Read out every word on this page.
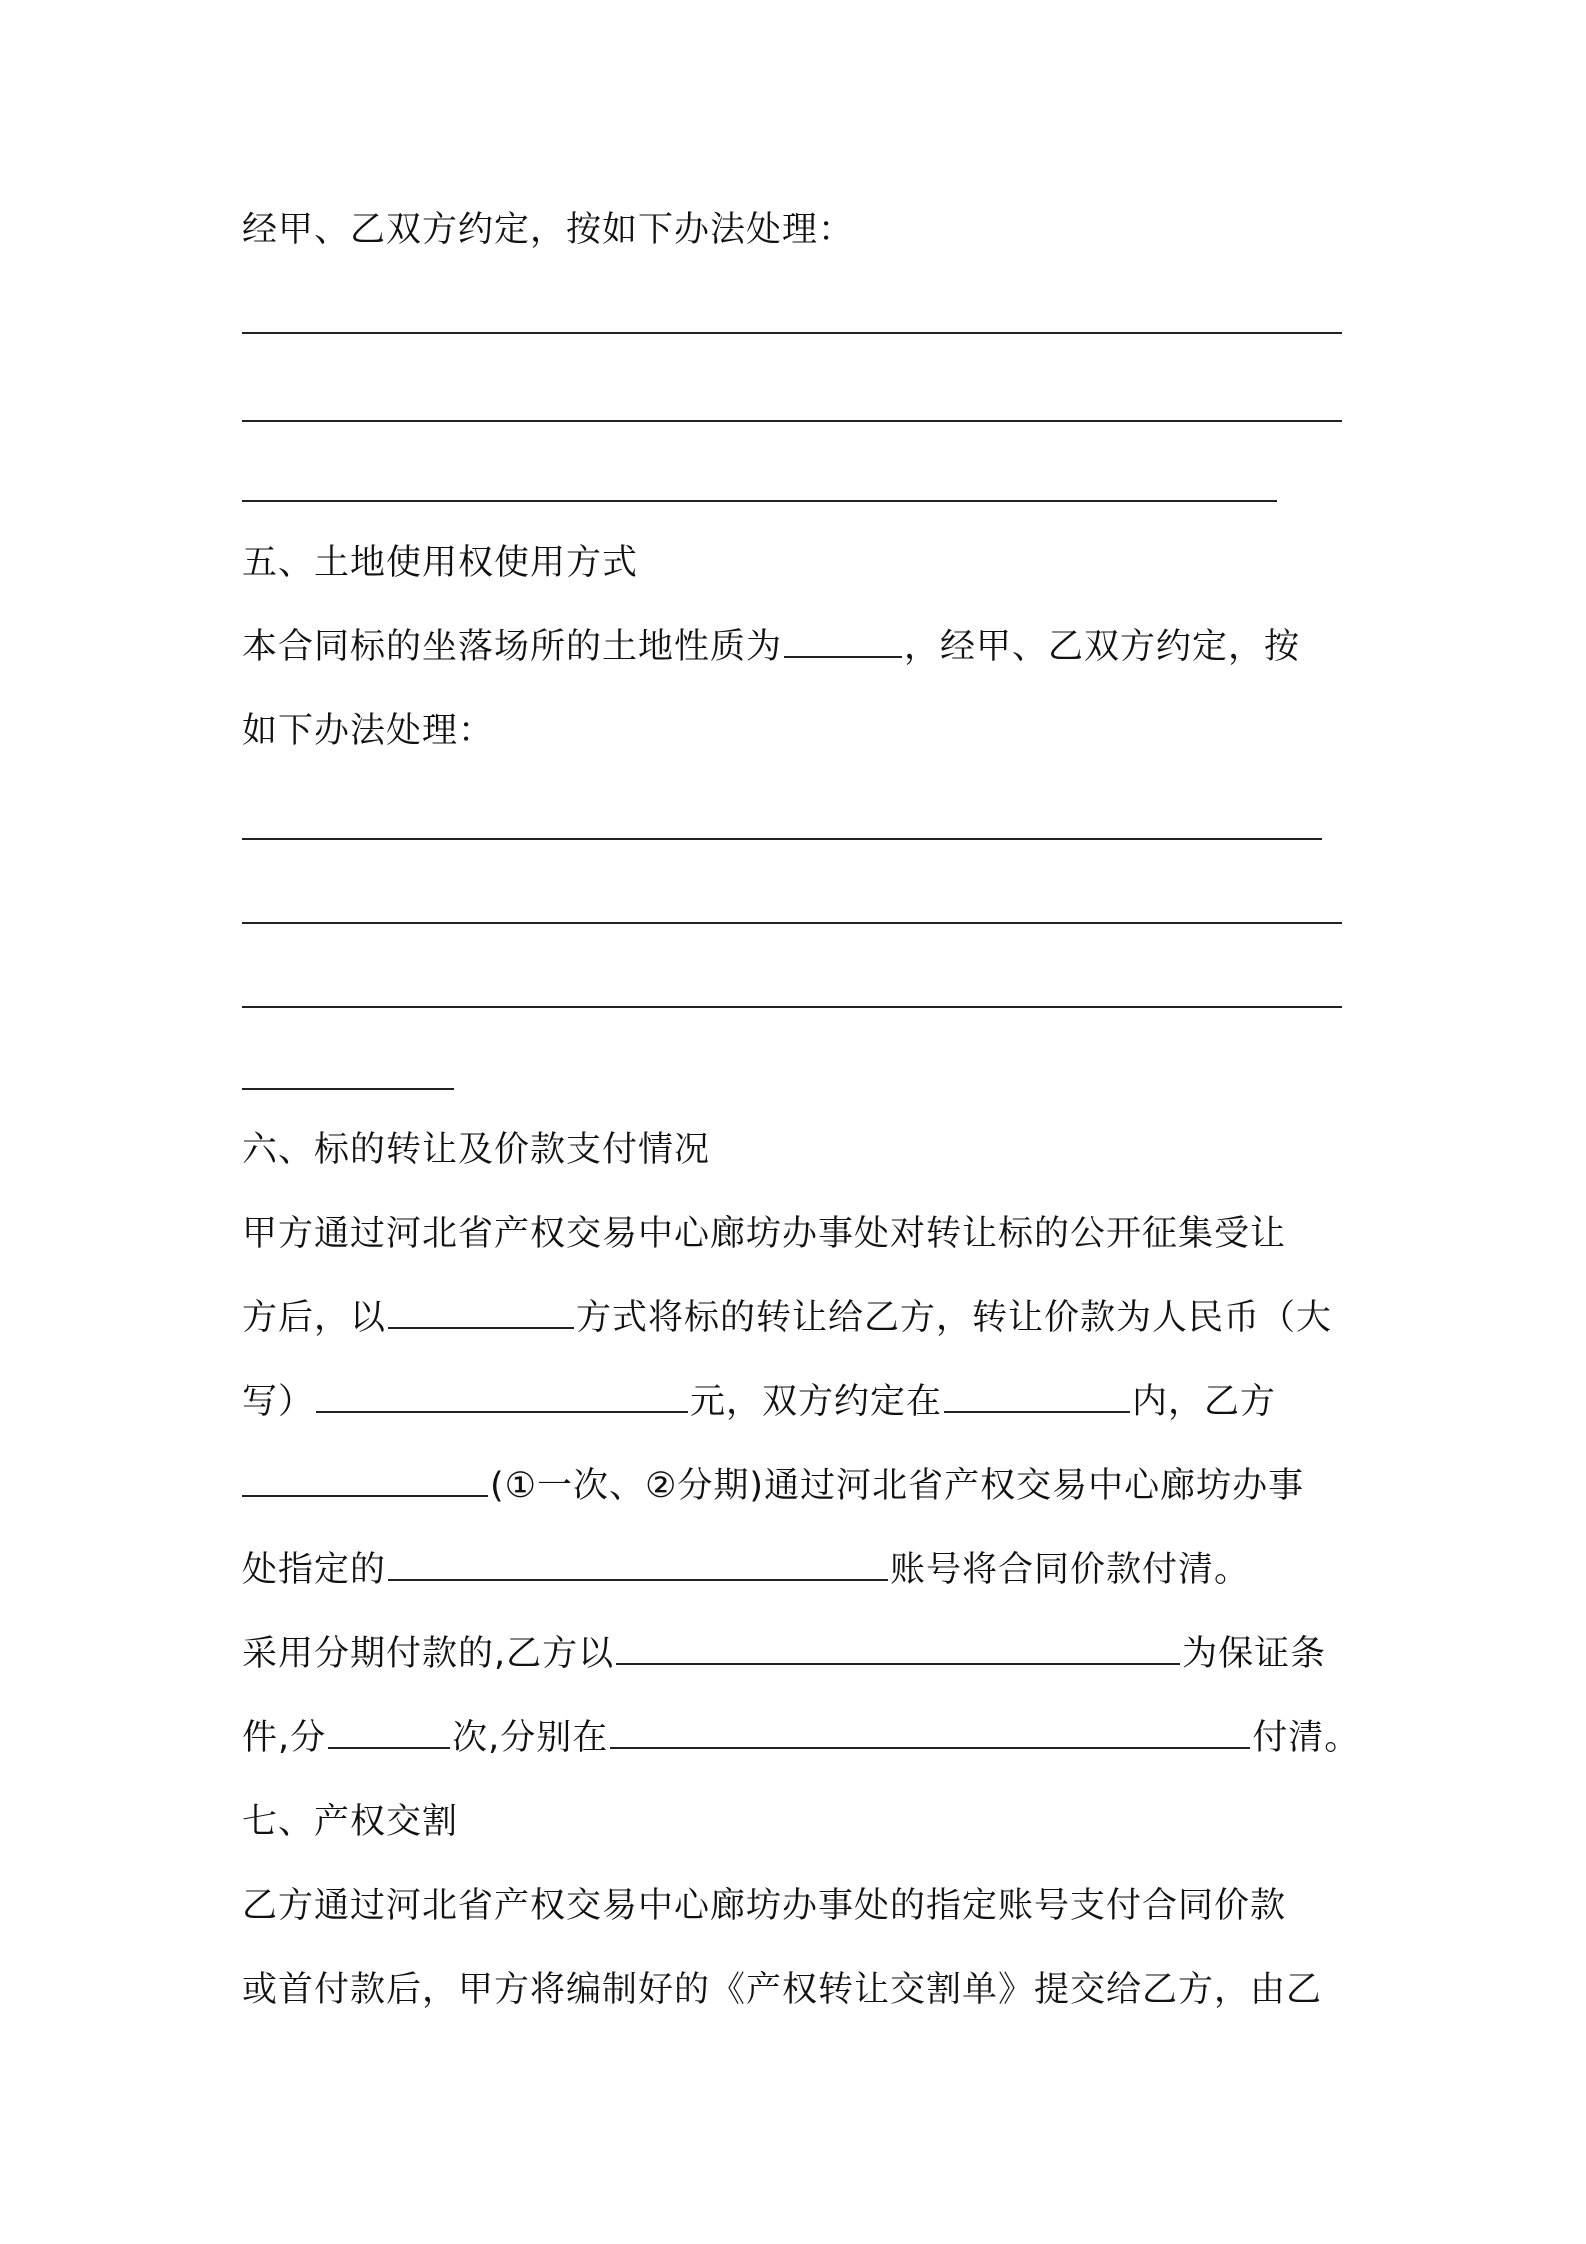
经甲、乙双方约定，按如下办法处理：
五、土地使用权使用方式
本合同标的坐落场所的土地性质为	，经甲、乙双方约定，按
如下办法处理：
六、标的转让及价款支付情况
甲方通过河北省产权交易中心廊坊办事处对转让标的公开征集受让
方后，以	方式将标的转让给乙方，转让价款为人民币（大
写）	元，双方约定在	内，乙方
(①一次、②分期)通过河北省产权交易中心廊坊办事
处指定的	账号将合同价款付清。
采用分期付款的,乙方以	为保证条
件,分	次,分别在	付清。
七、产权交割
乙方通过河北省产权交易中心廊坊办事处的指定账号支付合同价款
或首付款后，甲方将编制好的《产权转让交割单》提交给乙方，由乙
